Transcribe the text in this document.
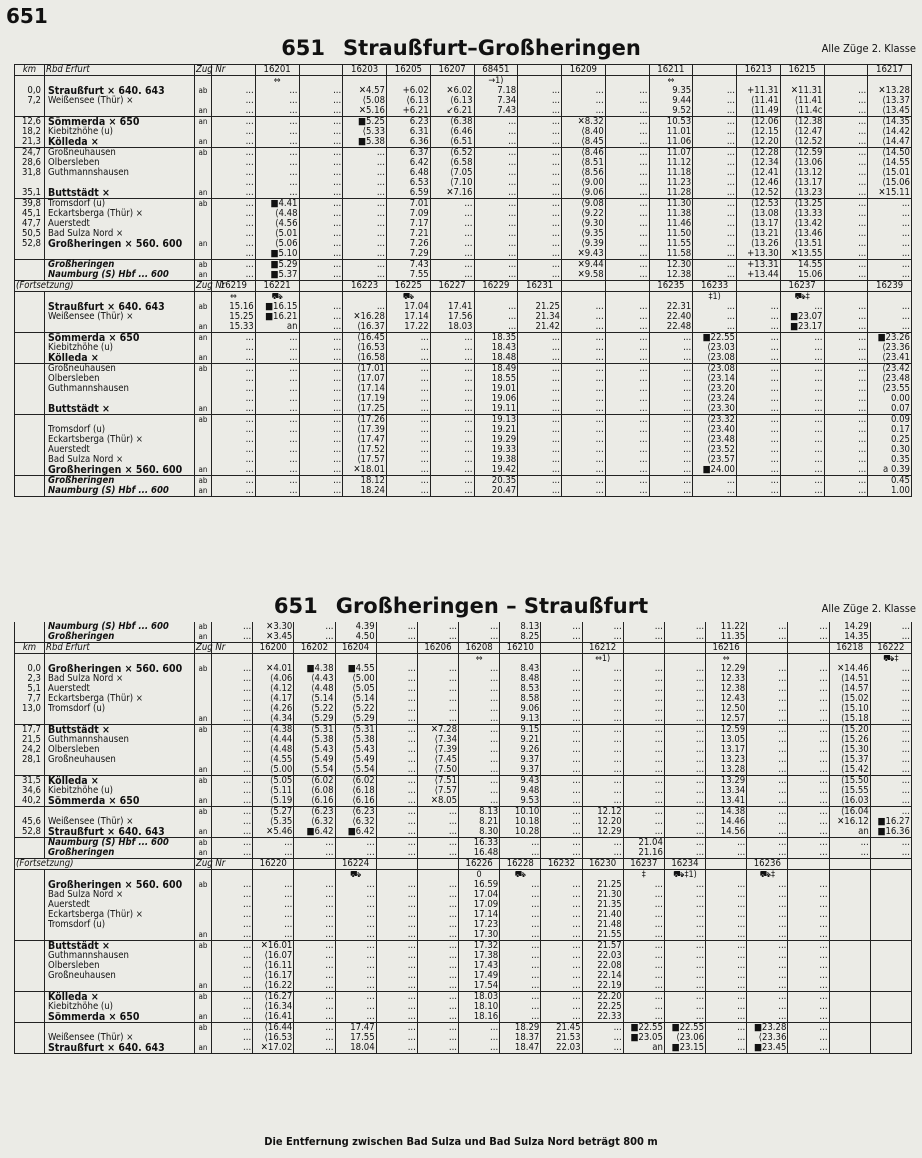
651
651 Straußfurt–Großheringen	Alle Züge 2. Klasse
km	Rbd Erfurt	Zug Nr		16201		16203	16205	16207	68451		16209		16211		16213	16215		16217	
				⇔					→1)				⇔						
0,0	Straußfurt ⨯ 640. 643	ab	...	...	...	✕4.57	+6.02	✕6.02	7.18	...	...	...	9.35	...	+11.31	✕11.31	...	✕13.28	
7,2	Weißensee (Thür) ⨯		...	...	...	⟨5.08	⟨6.13	⟨6.13	7.34	...	...	...	9.44	...	⟨11.41	⟨11.41	...	⟨13.37	
		an	...	...	...	✕5.16	+6.21	↙6.21	7.43	...	...	...	9.52	...	⟨11.49	⟨11.4c	...	⟨13.45	
12,6	Sömmerda ⨯ 650	an	...	...	...	■5.25	6.23	⟨6.38	...	...	✕8.32	...	10.53	...	⟨12.06	⟨12.38	...	⟨14.35	
18,2	Kiebitzhöhe (u)		...	...	...	⟨5.33	6.31	⟨6.46	...	...	⟨8.40	...	11.01	...	⟨12.15	⟨12.47	...	⟨14.42	
21,3	Kölleda ⨯	an	...	...	...	■5.38	6.36	⟨6.51	...	...	⟨8.45	...	11.06	...	⟨12.20	⟨12.52	...	⟨14.47	
24,7	Großneuhausen	ab	...	...	...	...	6.37	⟨6.52	...	...	⟨8.46	...	11.07	...	⟨12.28	⟨12.59	...	⟨14.50	
28,6	Olbersleben		...	...	...	...	6.42	⟨6.58	...	...	⟨8.51	...	11.12	...	⟨12.34	⟨13.06	...	⟨14.55	
31,8	Guthmannshausen		...	...	...	...	6.48	⟨7.05	...	...	⟨8.56	...	11.18	...	⟨12.41	⟨13.12	...	⟨15.01	
			...	...	...	...	6.53	⟨7.10	...	...	⟨9.00	...	11.23	...	⟨12.46	⟨13.17	...	⟨15.06	
35,1	Buttstädt ⨯	an	...	...	...	...	6.59	✕7.16	...	...	⟨9.06	...	11.28	...	⟨12.52	⟨13.23	...	✕15.11	
39,8	Tromsdorf (u)	ab	...	■4.41	...	...	7.01	...	...	...	⟨9.08	...	11.30	...	⟨12.53	⟨13.25	...	...	
45,1	Eckartsberga (Thür) ⨯		...	⟨4.48	...	...	7.09	...	...	...	⟨9.22	...	11.38	...	⟨13.08	⟨13.33	...	...	
47,7	Auerstedt		...	⟨4.56	...	...	7.17	...	...	...	⟨9.30	...	11.46	...	⟨13.17	⟨13.42	...	...	
50,5	Bad Sulza Nord ⨯		...	⟨5.01	...	...	7.21	...	...	...	⟨9.35	...	11.50	...	⟨13.21	⟨13.46	...	...	
52,8	Großheringen ⨯ 560. 600	an	...	⟨5.06	...	...	7.26	...	...	...	⟨9.39	...	11.55	...	⟨13.26	⟨13.51	...	...	
			...	■5.10	...	...	7.29	...	...	...	✕9.43	...	11.58	...	+13.30	✕13.55	...	...	
	Großheringen	ab	...	■5.29	...	...	7.43	...	...	...	✕9.44	...	12.30	...	+13.31	14.55	...	...	
	Naumburg (S) Hbf ... 600	an	...	■5.37	...	...	7.55	...	...	...	✕9.58	...	12.38	...	+13.44	15.06	...	...	
(Fortsetzung)		Zug Nr	16219	16221		16223	16225	16227	16229	16231			16235	16233		16237		16239	
			⇔	⛟			⛟							‡1)		⛟‡			
	Straußfurt ⨯ 640. 643	ab	15.16	■16.15	...	...	17.04	17.41	...	21.25	...	...	22.31	...	...	...	...	...	

	Weißensee (Thür) ⨯		15.25	■16.21	...	✕16.28	17.14	17.56	...	21.34	...	...	22.40	...	...	■23.07	...	...	
		an	15.33	an	...	⟨16.37	17.22	18.03	...	21.42	...	...	22.48	...	...	■23.17	...	...	
	Sömmerda ⨯ 650	an	...	...	...	⟨16.45	...	...	18.35	...	...	...	...	■22.55	...	...	...	■23.26	
	Kiebitzhöhe (u)		...	...	...	⟨16.53	...	...	18.43	...	...	...	...	⟨23.03	...	...	...	⟨23.36	
	Kölleda ⨯	an	...	...	...	⟨16.58	...	...	18.48	...	...	...	...	⟨23.08	...	...	...	⟨23.41	
	Großneuhausen	ab	...	...	...	⟨17.01	...	...	18.49	...	...	...	...	⟨23.08	...	...	...	⟨23.42	
	Olbersleben		...	...	...	⟨17.07	...	...	18.55	...	...	...	...	⟨23.14	...	...	...	⟨23.48	
	Guthmannshausen		...	...	...	⟨17.14	...	...	19.01	...	...	...	...	⟨23.20	...	...	...	⟨23.55	
			...	...	...	⟨17.19	...	...	19.06	...	...	...	...	⟨23.24	...	...	...	0.00	
	Buttstädt ⨯	an	...	...	...	⟨17.25	...	...	19.11	...	...	...	...	⟨23.30	...	...	...	0.07	
		ab	...	...	...	⟨17.26	...	...	19.13	...	...	...	...	⟨23.32	...	...	...	0.09	
	Tromsdorf (u)		...	...	...	⟨17.39	...	...	19.21	...	...	...	...	⟨23.40	...	...	...	0.17	
	Eckartsberga (Thür) ⨯		...	...	...	⟨17.47	...	...	19.29	...	...	...	...	⟨23.48	...	...	...	0.25	
	Auerstedt		...	...	...	⟨17.52	...	...	19.33	...	...	...	...	⟨23.52	...	...	...	0.30	
	Bad Sulza Nord ⨯		...	...	...	⟨17.57	...	...	19.38	...	...	...	...	⟨23.57	...	...	...	0.35	
	Großheringen ⨯ 560. 600	an	...	...	...	✕18.01	...	...	19.42	...	...	...	...	■24.00	...	...	...	a 0.39	
	Großheringen	ab	...	...	...	18.12	...	...	20.35	...	...	...	...	...	...	...	...	0.45	
	Naumburg (S) Hbf ... 600	an	...	...	...	18.24	...	...	20.47	...	...	...	...	...	...	...	...	1.00	
651 Großheringen – Straußfurt	Alle Züge 2. Klasse
	Naumburg (S) Hbf ... 600	ab	...	✕3.30	...	4.39	...	...	...	8.13	...	...	...	...	11.22	...	...	14.29	...	
	Großheringen	an	...	✕3.45	...	4.50	...	...	...	8.25	...	...	...	...	11.35	...	...	14.35	...	
km	Rbd Erfurt	Zug Nr		16200	16202	16204		16206	16208	16210		16212			16216			16218	16222	
									⇔			⇔1)			⇔				⛟‡	
0,0	Großheringen ⨯ 560. 600	ab	...	✕4.01	■4.38	■4.55	...	...	...	8.43	...	...	...	...	12.29	...	...	✕14.46	...	
2,3	Bad Sulza Nord ⨯		...	⟨4.06	⟨4.43	⟨5.00	...	...	...	8.48	...	...	...	...	12.33	...	...	⟨14.51	...	
5,1	Auerstedt		...	⟨4.12	⟨4.48	⟨5.05	...	...	...	8.53	...	...	...	...	12.38	...	...	⟨14.57	...	
7,7	Eckartsberga (Thür) ⨯		...	⟨4.17	⟨5.14	⟨5.14	...	...	...	8.58	...	...	...	...	12.43	...	...	⟨15.02	...	
13,0	Tromsdorf (u)		...	⟨4.26	⟨5.22	⟨5.22	...	...	...	9.06	...	...	...	...	12.50	...	...	⟨15.10	...	
		an	...	⟨4.34	⟨5.29	⟨5.29	...	...	...	9.13	...	...	...	...	12.57	...	...	⟨15.18	...	
17,7	Buttstädt ⨯	ab	...	⟨4.38	⟨5.31	⟨5.31	...	✕7.28	...	9.15	...	...	...	...	12.59	...	...	⟨15.20	...	
21,5	Guthmannshausen		...	⟨4.44	⟨5.38	⟨5.38	...	⟨7.34	...	9.21	...	...	...	...	13.05	...	...	⟨15.26	...	
24,2	Olbersleben		...	⟨4.48	⟨5.43	⟨5.43	...	⟨7.39	...	9.26	...	...	...	...	13.17	...	...	⟨15.30	...	
28,1	Großneuhausen		...	⟨4.55	⟨5.49	⟨5.49	...	⟨7.45	...	9.37	...	...	...	...	13.23	...	...	⟨15.37	...	
		an	...	⟨5.00	⟨5.54	⟨5.54	...	⟨7.50	...	9.37	...	...	...	...	13.28	...	...	⟨15.42	...	
31,5	Kölleda ⨯	ab	...	⟨5.05	⟨6.02	⟨6.02	...	⟨7.51	...	9.43	...	...	...	...	13.29	...	...	⟨15.50	...	
34,6	Kiebitzhöhe (u)		...	⟨5.11	⟨6.08	⟨6.18	...	⟨7.57	...	9.48	...	...	...	...	13.34	...	...	⟨15.55	...	
40,2	Sömmerda ⨯ 650	an	...	⟨5.19	⟨6.16	⟨6.16	...	✕8.05	...	9.53	...	...	...	...	13.41	...	...	⟨16.03	...	
		ab	...	⟨5.27	⟨6.23	⟨6.23	...	...	8.13	10.10	...	12.12	...	...	14.38	...	...	⟨16.04	...	
45,6	Weißensee (Thür) ⨯		...	⟨5.35	⟨6.32	⟨6.32	...	...	8.21	10.18	...	12.20	...	...	14.46	...	...	✕16.12	■16.27	
52,8	Straußfurt ⨯ 640. 643	an	...	✕5.46	■6.42	■6.42	...	...	8.30	10.28	...	12.29	...	...	14.56	...	...	an	■16.36	
	Naumburg (S) Hbf ... 600	ab	...	...	...	...	...	...	16.33	...	...	...	21.04	...	...	...	...	...	...	
	Großheringen	an	...	...	...	...	...	...	16.48	...	...	...	21.16	...	...	...	...	...	...	
(Fortsetzung)		Zug Nr		16220		16224			16226	16228	16232	16230	16237	16234		16236				
						⛟			0	⛟			‡	⛟‡1)		⛟‡				
	Großheringen ⨯ 560. 600	ab	...	...	...	...	...	...	16.59	...	...	21.25	...	...	...	...	...			

	Bad Sulza Nord ⨯		...	...	...	...	...	...	17.04	...	...	21.30	...	...	...	...	...			
	Auerstedt		...	...	...	...	...	...	17.09	...	...	21.35	...	...	...	...	...			
	Eckartsberga (Thür) ⨯		...	...	...	...	...	...	17.14	...	...	21.40	...	...	...	...	...			
	Tromsdorf (u)		...	...	...	...	...	...	17.23	...	...	21.48	...	...	...	...	...			
		an	...	...	...	...	...	...	17.30	...	...	21.55	...	...	...	...	...			
	Buttstädt ⨯	ab	...	✕16.01	...	...	...	...	17.32	...	...	21.57	...	...	...	...	...			
	Guthmannshausen		...	⟨16.07	...	...	...	...	17.38	...	...	22.03	...	...	...	...	...			
	Olbersleben		...	⟨16.11	...	...	...	...	17.43	...	...	22.08	...	...	...	...	...			
	Großneuhausen		...	⟨16.17	...	...	...	...	17.49	...	...	22.14	...	...	...	...	...			
		an	...	⟨16.22	...	...	...	...	17.54	...	...	22.19	...	...	...	...	...			
	Kölleda ⨯	ab	...	⟨16.27	...	...	...	...	18.03	...	...	22.20	...	...	...	...	...			
	Kiebitzhöhe (u)		...	⟨16.34	...	...	...	...	18.10	...	...	22.25	...	...	...	...	...			
	Sömmerda ⨯ 650	an	...	⟨16.41	...	...	...	...	18.16	...	...	22.33	...	...	...	...	...			
		ab	...	⟨16.44	...	17.47	...	...	...	18.29	21.45	...	■22.55	■22.55	...	■23.28	...			
	Weißensee (Thür) ⨯		...	⟨16.53	...	17.55	...	...	...	18.37	21.53	...	■23.05	⟨23.06	...	⟨23.36	...			
	Straußfurt ⨯ 640. 643	an	...	✕17.02	...	18.04	...	...	...	18.47	22.03	...	an	■23.15	...	■23.45	...			
Die Entfernung zwischen Bad Sulza und Bad Sulza Nord beträgt 800 m
